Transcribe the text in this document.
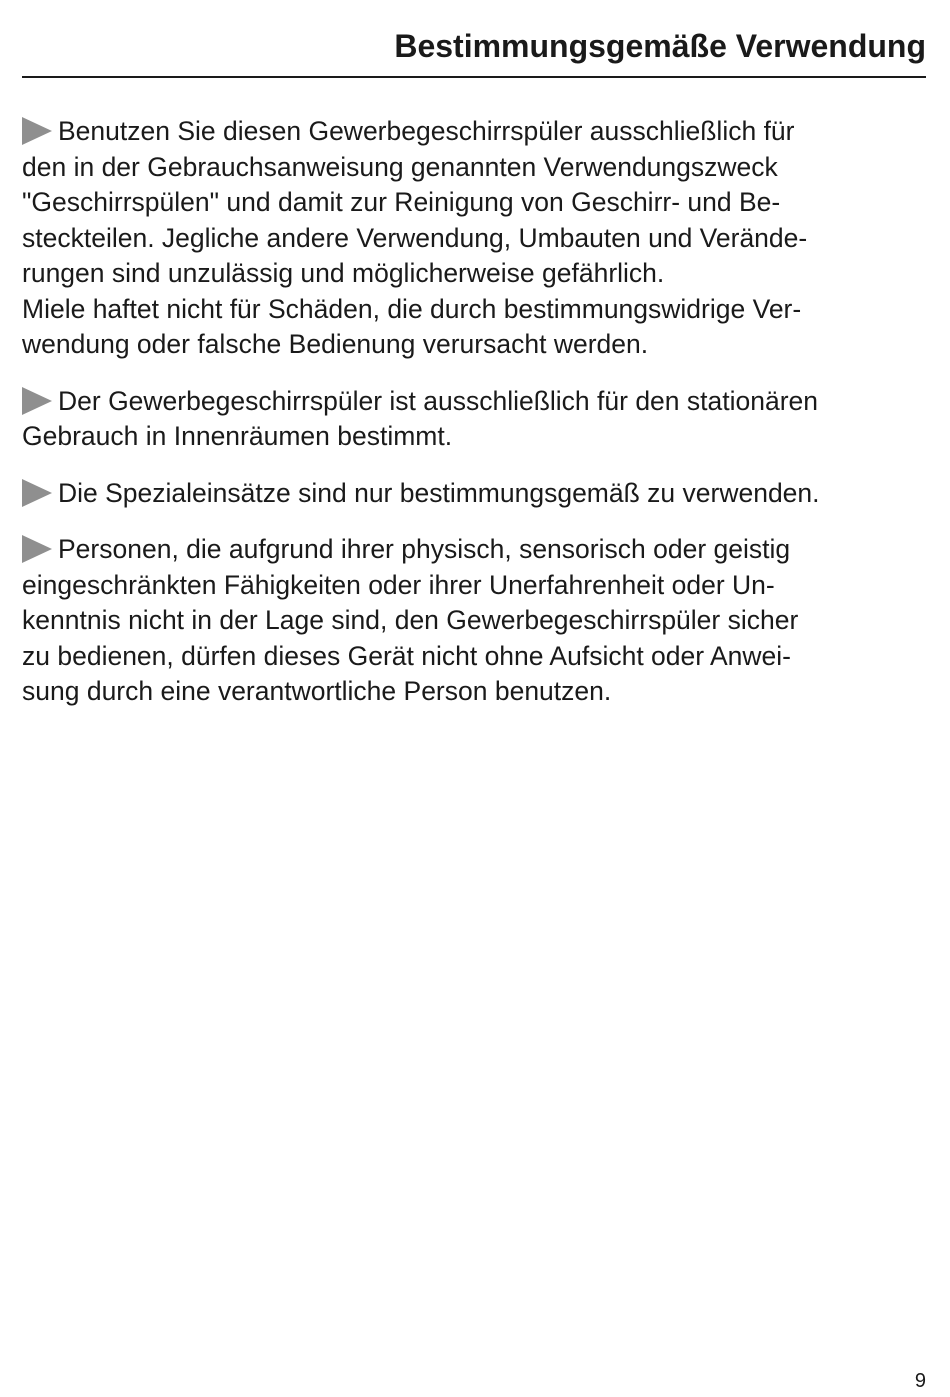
Bestimmungsgemäße Verwendung

Benutzen Sie diesen Gewerbegeschirrspüler ausschließlich für
den in der Gebrauchsanweisung genannten Verwendungszweck
"Geschirrspülen" und damit zur Reinigung von Geschirr- und Be-
steckteilen. Jegliche andere Verwendung, Umbauten und Verände-
rungen sind unzulässig und möglicherweise gefährlich.
Miele haftet nicht für Schäden, die durch bestimmungswidrige Ver-
wendung oder falsche Bedienung verursacht werden.

Der Gewerbegeschirrspüler ist ausschließlich für den stationären
Gebrauch in Innenräumen bestimmt.

Die Spezialeinsätze sind nur bestimmungsgemäß zu verwenden.

Personen, die aufgrund ihrer physisch, sensorisch oder geistig
eingeschränkten Fähigkeiten oder ihrer Unerfahrenheit oder Un-
kenntnis nicht in der Lage sind, den Gewerbegeschirrspüler sicher
zu bedienen, dürfen dieses Gerät nicht ohne Aufsicht oder Anwei-
sung durch eine verantwortliche Person benutzen.

9
